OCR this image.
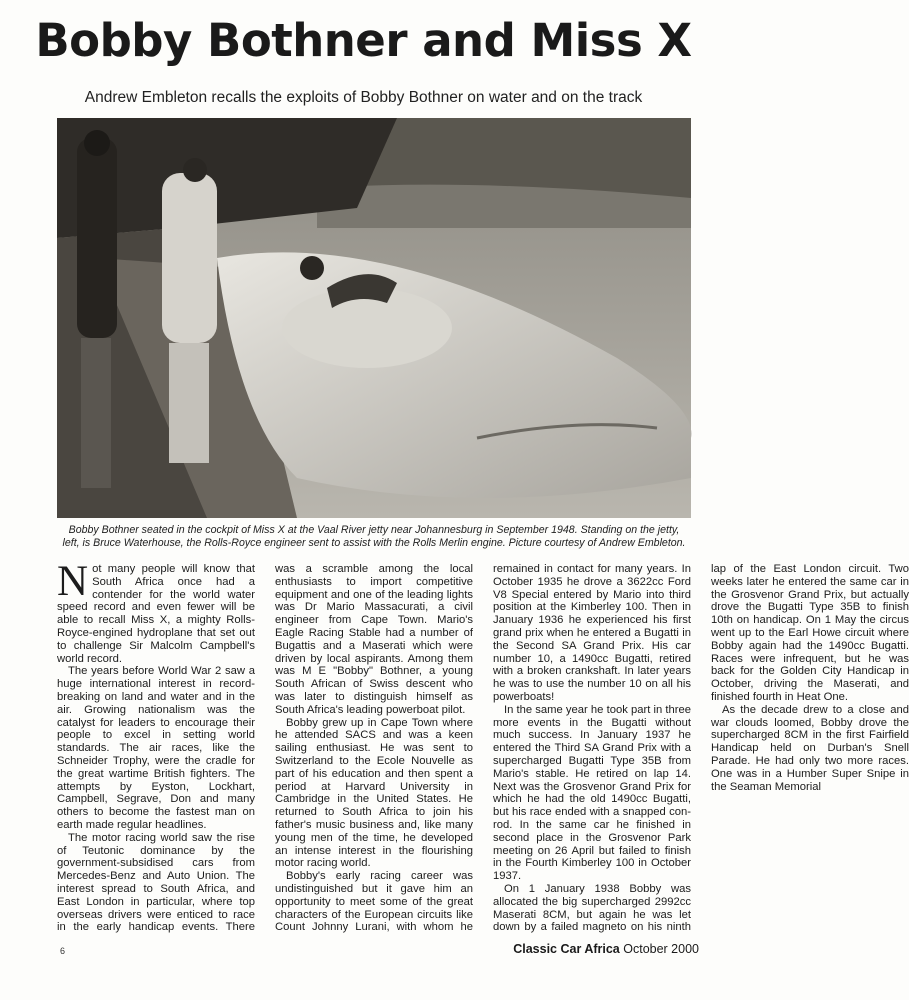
Bobby Bothner and Miss X
Andrew Embleton recalls the exploits of Bobby Bothner on water and on the track
Bobby Bothner seated in the cockpit of Miss X at the Vaal River jetty near Johannesburg in September 1948. Standing on the jetty, left, is Bruce Waterhouse, the Rolls-Royce engineer sent to assist with the Rolls Merlin engine. Picture courtesy of Andrew Embleton.

Not many people will know that South Africa once had a contender for the world water speed record and even fewer will be able to recall Miss X, a mighty Rolls-Royce-engined hydroplane that set out to challenge Sir Malcolm Campbell's world record.

The years before World War 2 saw a huge international interest in record-breaking on land and water and in the air. Growing nationalism was the catalyst for leaders to encourage their people to excel in setting world standards. The air races, like the Schneider Trophy, were the cradle for the great wartime British fighters. The attempts by Eyston, Lockhart, Campbell, Segrave, Don and many others to become the fastest man on earth made regular headlines.

The motor racing world saw the rise of Teutonic dominance by the government-subsidised cars from Mercedes-Benz and Auto Union. The interest spread to South Africa, and East London in particular, where top overseas drivers were enticed to race in the early handicap events. There was a scramble among the local enthusiasts to import competitive equipment and one of the leading lights was Dr Mario Massacurati, a civil engineer from Cape Town. Mario's Eagle Racing Stable had a number of Bugattis and a Maserati which were driven by local aspirants. Among them was M E "Bobby" Bothner, a young South African of Swiss descent who was later to distinguish himself as South Africa's leading powerboat pilot.

Bobby grew up in Cape Town where he attended SACS and was a keen sailing enthusiast. He was sent to Switzerland to the Ecole Nouvelle as part of his education and then spent a period at Harvard University in Cambridge in the United States. He returned to South Africa to join his father's music business and, like many young men of the time, he developed an intense interest in the flourishing motor racing world.

Bobby's early racing career was undistinguished but it gave him an opportunity to meet some of the great characters of the European circuits like Count Johnny Lurani, with whom he remained in contact for many years. In October 1935 he drove a 3622cc Ford V8 Special entered by Mario into third position at the Kimberley 100. Then in January 1936 he experienced his first grand prix when he entered a Bugatti in the Second SA Grand Prix. His car number 10, a 1490cc Bugatti, retired with a broken crankshaft. In later years he was to use the number 10 on all his powerboats!

In the same year he took part in three more events in the Bugatti without much success. In January 1937 he entered the Third SA Grand Prix with a supercharged Bugatti Type 35B from Mario's stable. He retired on lap 14. Next was the Grosvenor Grand Prix for which he had the old 1490cc Bugatti, but his race ended with a snapped con-rod. In the same car he finished in second place in the Grosvenor Park meeting on 26 April but failed to finish in the Fourth Kimberley 100 in October 1937.

On 1 January 1938 Bobby was allocated the big supercharged 2992cc Maserati 8CM, but again he was let down by a failed magneto on his ninth lap of the East London circuit. Two weeks later he entered the same car in the Grosvenor Grand Prix, but actually drove the Bugatti Type 35B to finish 10th on handicap. On 1 May the circus went up to the Earl Howe circuit where Bobby again had the 1490cc Bugatti. Races were infrequent, but he was back for the Golden City Handicap in October, driving the Maserati, and finished fourth in Heat One.

As the decade drew to a close and war clouds loomed, Bobby drove the supercharged 8CM in the first Fairfield Handicap held on Durban's Snell Parade. He had only two more races. One was in a Humber Super Snipe in the Seaman Memorial

6	Classic Car Africa October 2000
